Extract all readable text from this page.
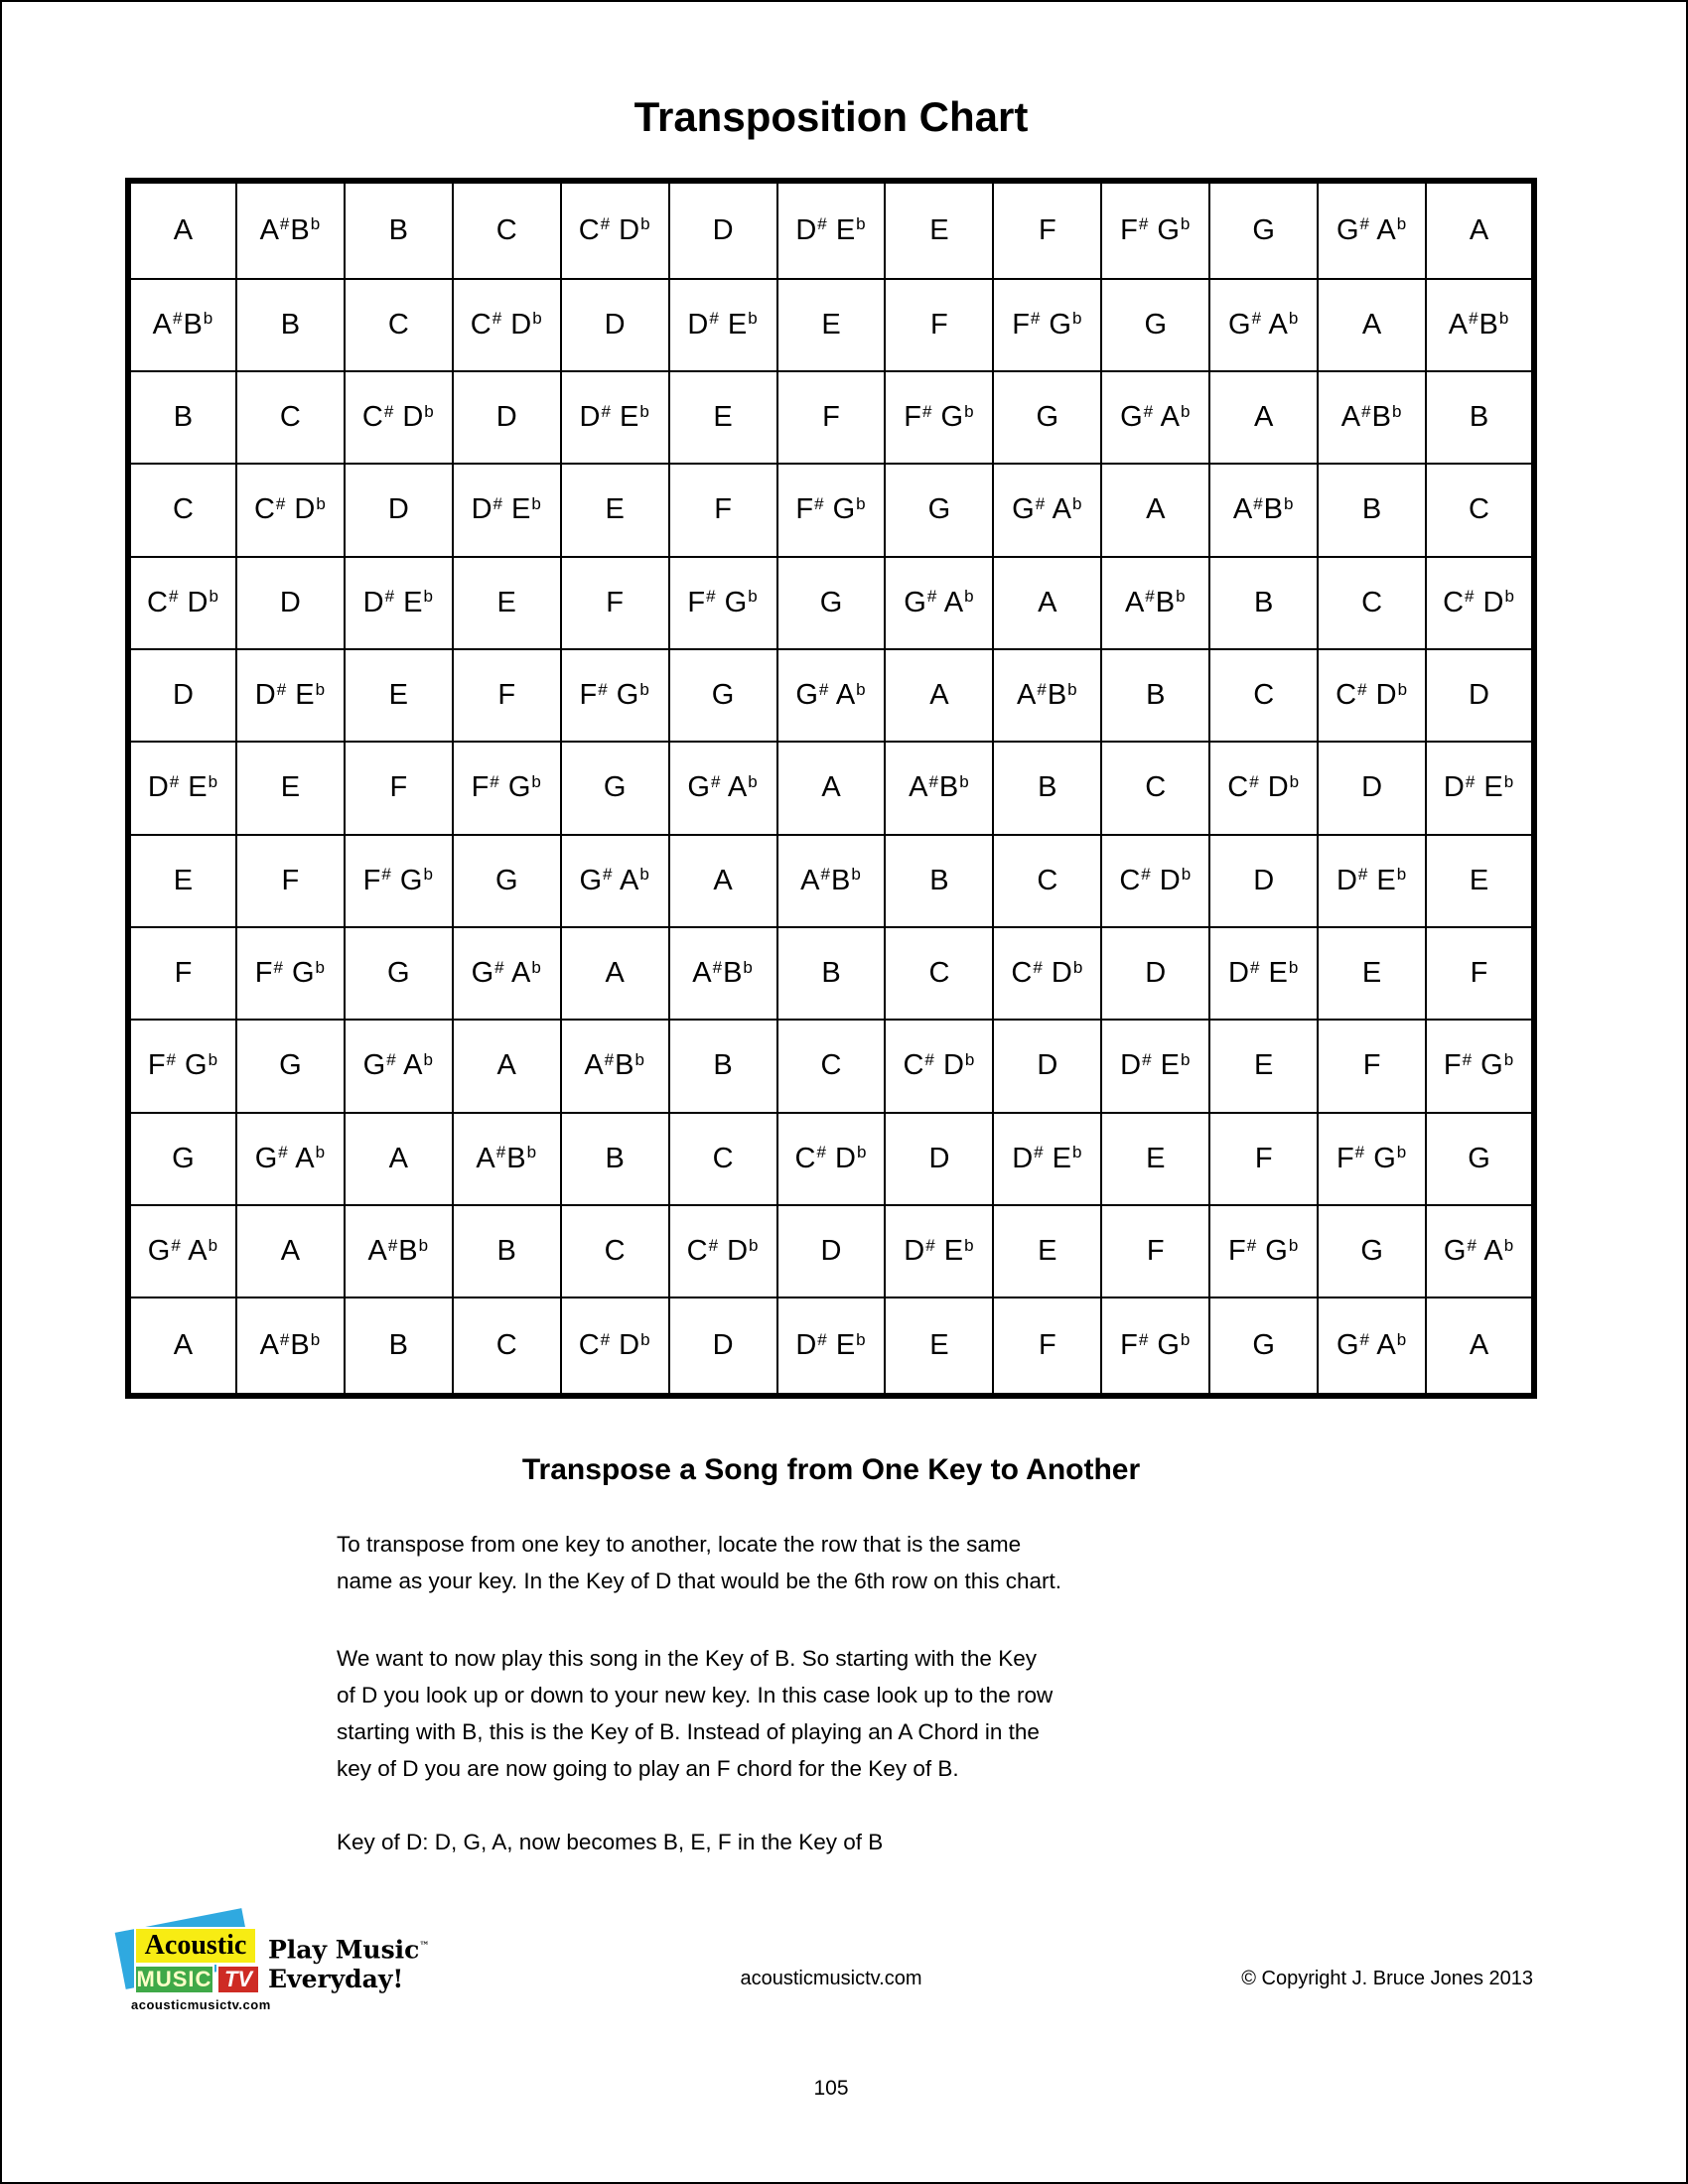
Transposition Chart
A	$A^{\#}B^b$	B	C	C# $D^b$	D	D# $E^b$	E	F	F# $G^b$	G	G# $A^b$	A
$A^{\#}B^b$	B	C	C# $D^b$	D	D# $E^b$	E	F	F# $G^b$	G	G# $A^b$	A	$A^{\#}B^b$
B	C	C# $D^b$	D	D# $E^b$	E	F	F# $G^b$	G	G# $A^b$	A	$A^{\#}B^b$	B
C	C# $D^b$	D	D# $E^b$	E	F	F# $G^b$	G	G# $A^b$	A	$A^{\#}B^b$	B	C
C# $D^b$	D	D# $E^b$	E	F	F# $G^b$	G	G# $A^b$	A	$A^{\#}B^b$	B	C	C# $D^b$
D	D# $E^b$	E	F	F# $G^b$	G	G# $A^b$	A	$A^{\#}B^b$	B	C	C# $D^b$	D
D# $E^b$	E	F	F# $G^b$	G	G# $A^b$	A	$A^{\#}B^b$	B	C	C# $D^b$	D	D# $E^b$
E	F	F# $G^b$	G	G# $A^b$	A	$A^{\#}B^b$	B	C	C# $D^b$	D	D# $E^b$	E
F	F# $G^b$	G	G# $A^b$	A	$A^{\#}B^b$	B	C	C# $D^b$	D	D# $E^b$	E	F
F# $G^b$	G	G# $A^b$	A	$A^{\#}B^b$	B	C	C# $D^b$	D	D# $E^b$	E	F	F# $G^b$
G	G# $A^b$	A	$A^{\#}B^b$	B	C	C# $D^b$	D	D# $E^b$	E	F	F# $G^b$	G
G# $A^b$	A	$A^{\#}B^b$	B	C	C# $D^b$	D	D# $E^b$	E	F	F# $G^b$	G	G# $A^b$
A	$A^{\#}B^b$	B	C	C# $D^b$	D	D# $E^b$	E	F	F# $G^b$	G	G# $A^b$	A
Transpose a Song from One Key to Another

To transpose from one key to another, locate the row that is the same
name as your key. In the Key of D that would be the 6th row on this chart.

We want to now play this song in the Key of B. So starting with the Key
of D you look up or down to your new key. In this case look up to the row
starting with B, this is the Key of B. Instead of playing an A Chord in the
key of D you are now going to play an F chord for the Key of B.

Key of D: D, G, A, now becomes B, E, F in the Key of B

Acoustic
MUSIC TV
acousticmusictv.com
Play Music™
Everyday!	acousticmusictv.com	© Copyright J. Bruce Jones 2013
105
